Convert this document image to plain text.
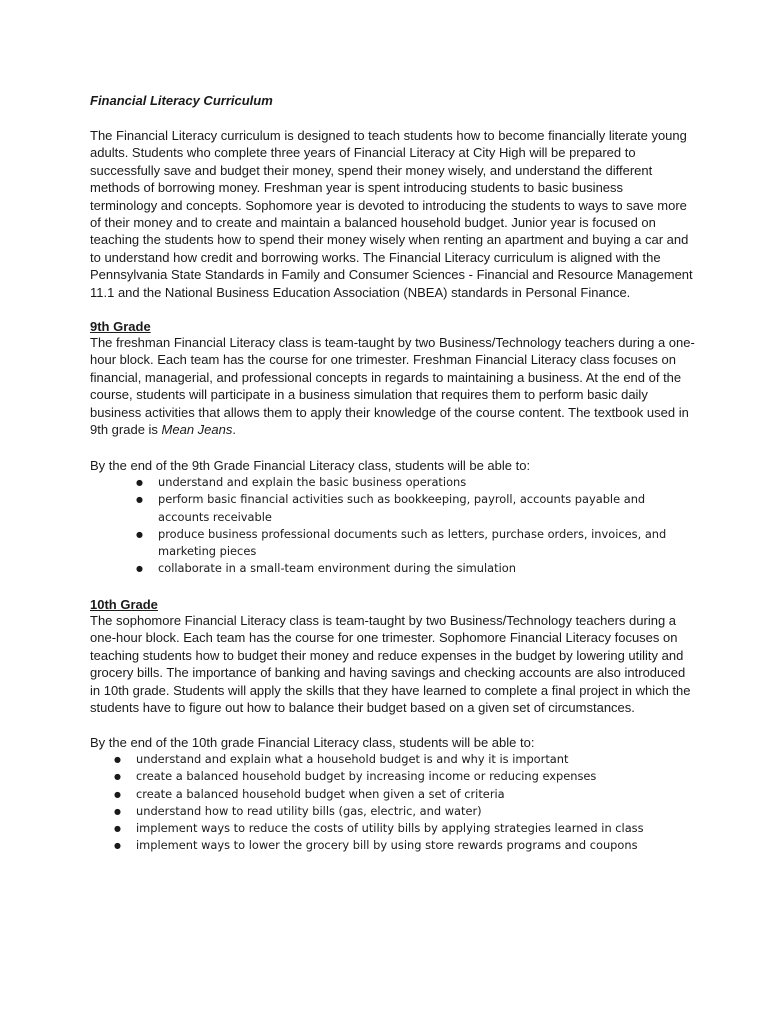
Financial Literacy Curriculum
The Financial Literacy curriculum is designed to teach students how to become financially literate young
adults. Students who complete three years of Financial Literacy at City High will be prepared to
successfully save and budget their money, spend their money wisely, and understand the different
methods of borrowing money. Freshman year is spent introducing students to basic business
terminology and concepts. Sophomore year is devoted to introducing the students to ways to save more
of their money and to create and maintain a balanced household budget. Junior year is focused on
teaching the students how to spend their money wisely when renting an apartment and buying a car and
to understand how credit and borrowing works. The Financial Literacy curriculum is aligned with the
Pennsylvania State Standards in Family and Consumer Sciences - Financial and Resource Management
11.1 and the National Business Education Association (NBEA) standards in Personal Finance.
9th Grade
The freshman Financial Literacy class is team-taught by two Business/Technology teachers during a one-
hour block. Each team has the course for one trimester. Freshman Financial Literacy class focuses on
financial, managerial, and professional concepts in regards to maintaining a business. At the end of the
course, students will participate in a business simulation that requires them to perform basic daily
business activities that allows them to apply their knowledge of the course content. The textbook used in
9th grade is Mean Jeans.
By the end of the 9th Grade Financial Literacy class, students will be able to:
● understand and explain the basic business operations
● perform basic financial activities such as bookkeeping, payroll, accounts payable and
accounts receivable
● produce business professional documents such as letters, purchase orders, invoices, and
marketing pieces
● collaborate in a small-team environment during the simulation
10th Grade
The sophomore Financial Literacy class is team-taught by two Business/Technology teachers during a
one-hour block. Each team has the course for one trimester. Sophomore Financial Literacy focuses on
teaching students how to budget their money and reduce expenses in the budget by lowering utility and
grocery bills. The importance of banking and having savings and checking accounts are also introduced
in 10th grade. Students will apply the skills that they have learned to complete a final project in which the
students have to figure out how to balance their budget based on a given set of circumstances.
By the end of the 10th grade Financial Literacy class, students will be able to:
● understand and explain what a household budget is and why it is important
● create a balanced household budget by increasing income or reducing expenses
● create a balanced household budget when given a set of criteria
● understand how to read utility bills (gas, electric, and water)
● implement ways to reduce the costs of utility bills by applying strategies learned in class
● implement ways to lower the grocery bill by using store rewards programs and coupons
